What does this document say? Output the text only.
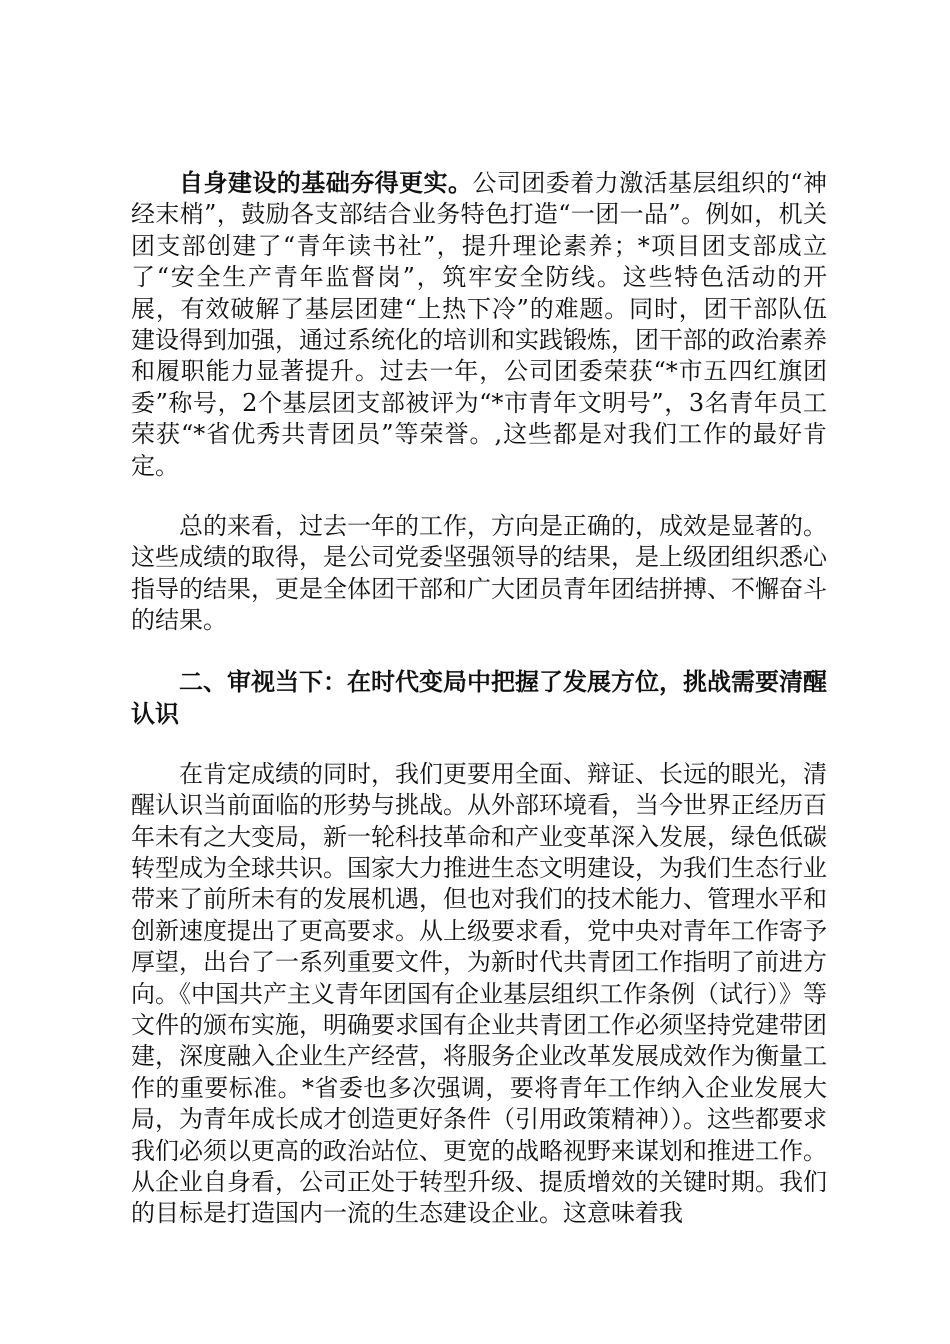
自身建设的基础夯得更实。公司团委着力激活基层组织的“神经末梢”，鼓励各支部结合业务特色打造“一团一品”。例如，机关团支部创建了“青年读书社”，提升理论素养；*项目团支部成立了“安全生产青年监督岗”，筑牢安全防线。这些特色活动的开展，有效破解了基层团建“上热下冷”的难题。同时，团干部队伍建设得到加强，通过系统化的培训和实践锻炼，团干部的政治素养和履职能力显著提升。过去一年，公司团委荣获“*市五四红旗团委”称号，2个基层团支部被评为“*市青年文明号”，3名青年员工荣获“*省优秀共青团员”等荣誉。,这些都是对我们工作的最好肯定。

总的来看，过去一年的工作，方向是正确的，成效是显著的。这些成绩的取得，是公司党委坚强领导的结果，是上级团组织悉心指导的结果，更是全体团干部和广大团员青年团结拼搏、不懈奋斗的结果。

二、审视当下：在时代变局中把握了发展方位，挑战需要清醒认识

在肯定成绩的同时，我们更要用全面、辩证、长远的眼光，清醒认识当前面临的形势与挑战。从外部环境看，当今世界正经历百年未有之大变局，新一轮科技革命和产业变革深入发展，绿色低碳转型成为全球共识。国家大力推进生态文明建设，为我们生态行业带来了前所未有的发展机遇，但也对我们的技术能力、管理水平和创新速度提出了更高要求。从上级要求看，党中央对青年工作寄予厚望，出台了一系列重要文件，为新时代共青团工作指明了前进方向。《中国共产主义青年团国有企业基层组织工作条例（试行）》等文件的颁布实施，明确要求国有企业共青团工作必须坚持党建带团建，深度融入企业生产经营，将服务企业改革发展成效作为衡量工作的重要标准。*省委也多次强调，要将青年工作纳入企业发展大局，为青年成长成才创造更好条件（引用政策精神））。这些都要求我们必须以更高的政治站位、更宽的战略视野来谋划和推进工作。从企业自身看，公司正处于转型升级、提质增效的关键时期。我们的目标是打造国内一流的生态建设企业。这意味着我
